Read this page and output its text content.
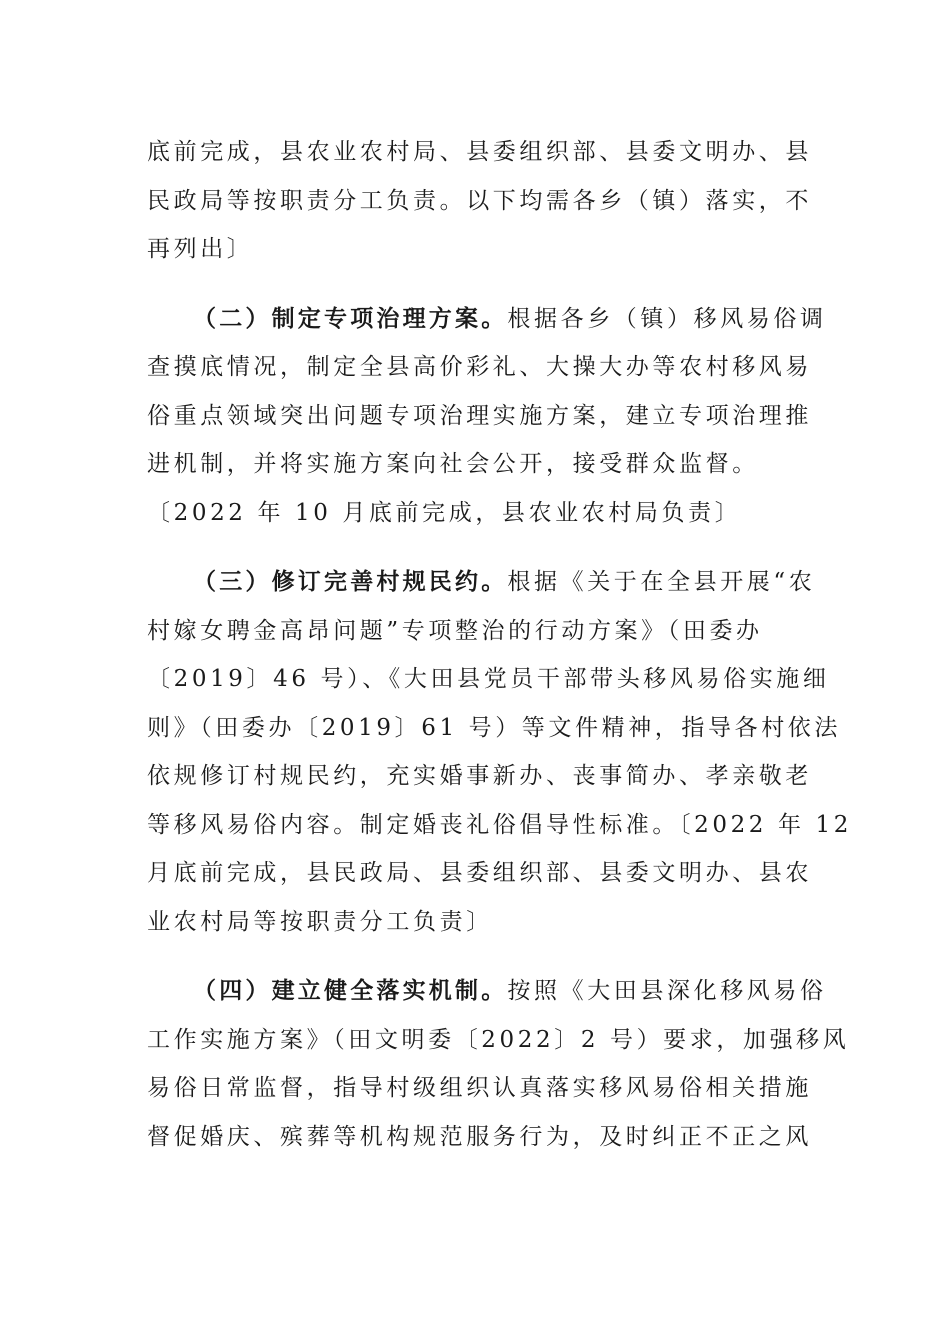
底前完成，县农业农村局、县委组织部、县委文明办、县
民政局等按职责分工负责。以下均需各乡（镇）落实，不
再列出〕
（二）制定专项治理方案。根据各乡（镇）移风易俗调
查摸底情况，制定全县高价彩礼、大操大办等农村移风易
俗重点领域突出问题专项治理实施方案，建立专项治理推
进机制，并将实施方案向社会公开，接受群众监督。
〔2022 年 10 月底前完成，县农业农村局负责〕
（三）修订完善村规民约。根据《关于在全县开展“农
村嫁女聘金高昂问题”专项整治的行动方案》（田委办
〔2019〕46 号）、《大田县党员干部带头移风易俗实施细
则》（田委办〔2019〕61 号）等文件精神，指导各村依法
依规修订村规民约，充实婚事新办、丧事简办、孝亲敬老
等移风易俗内容。制定婚丧礼俗倡导性标准。〔2022 年 12
月底前完成，县民政局、县委组织部、县委文明办、县农
业农村局等按职责分工负责〕
（四）建立健全落实机制。按照《大田县深化移风易俗
工作实施方案》（田文明委〔2022〕2 号）要求，加强移风
易俗日常监督，指导村级组织认真落实移风易俗相关措施
督促婚庆、殡葬等机构规范服务行为，及时纠正不正之风
